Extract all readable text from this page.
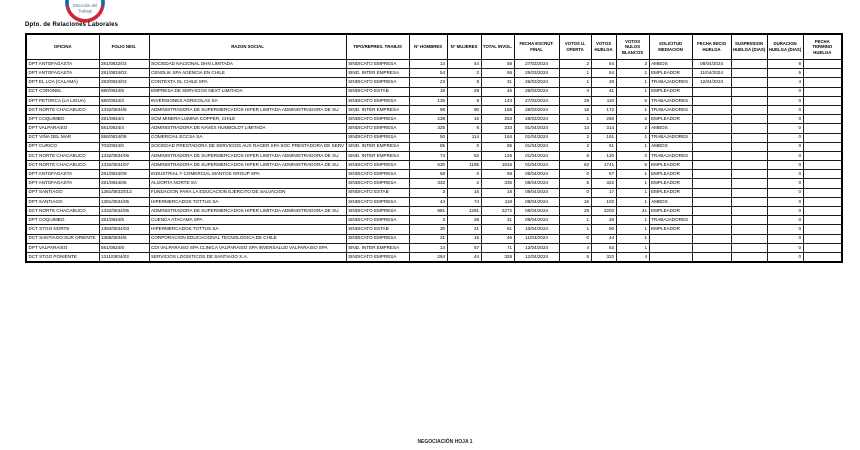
Dirección del
Trabajo
Dpto. de Relaciones Laborales
OFICINA	FOLIO NEG.	RAZON SOCIAL	TIPO/REPRES. TRABJS	N° HOMBRES	N° MUJERES	TOTAL INVOL.	FECHA ESCRUT. FINAL	VOTOS U. OFERTA	VOTOS HUELGA	VOTOS NULOS BLANCOS	SOLICITUD MEDIACION	FECHA INICIO HUELGA	SUSPENSION HUELGA (DIAS)	DURACION HUELGA (DIAS)	FECHA TERMINO HUELGA
DPT ANTOFAGASTA	281/0832/03	SOCIEDAD NACIONAL DHN LIMITADA	SINDICATO EMPRESA	14	44	58	27/03/2024	2	54	3	AMBOS	08/04/2024		8	
DPT ANTOFAGASTA	281/0834/03	CENOLIK SPA AGENCIA EN CHILE	SIND. INTER EMPRESA	54	2	56	25/03/2024	1	54	1	EMPLEADOR	11/04/2024		5	
DPT EL LOA (CALAMA)	283/0834/03	CONTEXTA GL CHILE SPA	SINDICATO EMPRESA	23	8	31	26/03/2024	1	29	1	TRABAJADORES	12/04/2024		4	
DCT CORONEL	880/0834/8	EMPRESA DE SERVICIOS NEXT LIMITADA	SINDICATO ESTAB	18	28	46	26/03/2024	4	41	1	EMPLEADOR			0	
DPT PETORCA (LA LIGUA)	580/0834/3	INVERSIONES AGRICOLAS SA	SINDICATO EMPRESA	135	8	143	27/03/2024	28	110	5	TRABAJADORES			0	
DCT NORTE CHACABUCO	1332/0834/8	ADMINISTRADORA DE SUPERMERCADOS HIPER LIMITADA ADMINISTRADORA DE SU	SIND. INTER EMPRESA	98	90	188	28/03/2024	15	172	1	TRABAJADORES			0	
DPT COQUIMBO	281/0834/4	SCM MINERA LUMINA COPPER, CHILE	SINDICATO EMPRESA	238	15	253	28/03/2024	1	250	2	EMPLEADOR			0	
DPT VALPARAISO	581/0834/4	ADMINISTRADORA DE NAVES HUMBOLDT LIMITADA	SINDICATO EMPRESA	325	8	333	01/04/2024	14	314	2	AMBOS			0	
DCT VIÑA DEL MAR	586/0834/08	COMERCIAL ECCSA SA	SINDICATO EMPRESA	50	114	164	01/04/2024	2	161	1	TRABAJADORES			0	
DPT CURICO	703/0834/0	SOCIEDAD PRESTADORA DE SERVICIOS AUX RAGER SPA SOC PRESTADORA DE SERV	SIND. INTER EMPRESA	85	0	85	01/04/2024	2	61	1	AMBOS			0	
DCT NORTE CHACABUCO	1332/0834/06	ADMINISTRADORA DE SUPERMERCADOS HIPER LIMITADA ADMINISTRADORA DE SU	SIND. INTER EMPRESA	74	52	126	01/04/2024	6	120	0	TRABAJADORES			0	
DCT NORTE CHACABUCO	1332/0834/07	ADMINISTRADORA DE SUPERMERCADOS HIPER LIMITADA ADMINISTRADORA DE SU	SINDICATO EMPRESA	630	1185	1815	01/04/2024	62	1741	5	EMPLEADOR			0	
DPT ANTOFAGASTA	281/0834/09	INDUSTRIAL Y COMERCIAL MANTOS GROUP SPA	SINDICATO EMPRESA	58	0	58	05/04/2024	0	57	1	EMPLEADOR			0	
DPT ANTOFAGASTA	281/0834/06	ALGORTA NORTE SA	SINDICATO EMPRESA	333	2	335	08/04/2024	6	322	1	EMPLEADOR			0	
DPT SANTIAGO	1381/0833/013	FUNDACION PARA LA EDUCACION EJERCITO DE SALVACION	SINDICATO ESTAB	3	15	18	08/04/2024	0	17	1	EMPLEADOR			0	
DPT SANTIAGO	1381/0834/05	HIPERMERCADOS TOTTUS SA	SINDICATO EMPRESA	44	74	118	08/04/2024	15	102	1	AMBOS			0	
DCT NORTE CHACABUCO	1332/0834/05	ADMINISTRADORA DE SUPERMERCADOS HIPER LIMITADA ADMINISTRADORA DE SU	SINDICATO EMPRESA	981	1291	2272	08/04/2024	28	2203	41	EMPLEADOR			0	
DPT COQUIMBO	281/0834/5	CUENCA ATACAMA SPA	SINDICATO EMPRESA	3	28	31	09/04/2024	1	29	1	TRABAJADORES			0	
DCT STGO NORTE	1383/0834/03	HIPERMERCADOS TOTTUS SA	SINDICATO ESTAB	30	21	51	10/04/2024	1	50	1	EMPLEADOR			0	
DCT SANTIAGO SUR ORIENTE	1388/0834/5	CORPORACION EDUCACIONAL TECNOLOGICA DE CHILE	SINDICATO EMPRESA	31	15	46	11/04/2024	0	44	1				0	
DPT VALPARAISO	581/0834/8	CDI VALPARAISO SPA CLINICA VALPARAISO SPA INVERSALUD VALPARAISO SPA	SIND. INTER EMPRESA	14	57	71	12/04/2024	4	63	1				0	
DCT STGO PONIENTE	1311/0834/03	SERVICIOS LOGISTICOS DE SANTIAGO S.A.	SINDICATO EMPRESA	284	44	328	12/04/2024	5	322	4				0	
NEGOCIACIÓN HOJA 1
